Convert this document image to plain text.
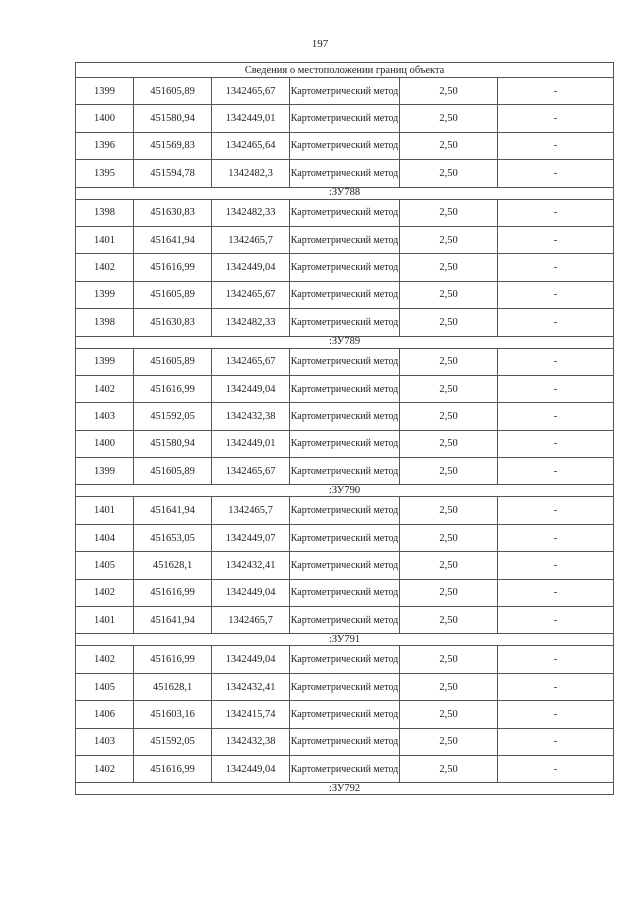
197
Сведения о местоположении границ объекта					
1399	451605,89	1342465,67	Картометрический метод	2,50	-
1400	451580,94	1342449,01	Картометрический метод	2,50	-
1396	451569,83	1342465,64	Картометрический метод	2,50	-
1395	451594,78	1342482,3	Картометрический метод	2,50	-
:ЗУ788					
1398	451630,83	1342482,33	Картометрический метод	2,50	-
1401	451641,94	1342465,7	Картометрический метод	2,50	-
1402	451616,99	1342449,04	Картометрический метод	2,50	-
1399	451605,89	1342465,67	Картометрический метод	2,50	-
1398	451630,83	1342482,33	Картометрический метод	2,50	-
:ЗУ789					
1399	451605,89	1342465,67	Картометрический метод	2,50	-
1402	451616,99	1342449,04	Картометрический метод	2,50	-
1403	451592,05	1342432,38	Картометрический метод	2,50	-
1400	451580,94	1342449,01	Картометрический метод	2,50	-
1399	451605,89	1342465,67	Картометрический метод	2,50	-
:ЗУ790					
1401	451641,94	1342465,7	Картометрический метод	2,50	-
1404	451653,05	1342449,07	Картометрический метод	2,50	-
1405	451628,1	1342432,41	Картометрический метод	2,50	-
1402	451616,99	1342449,04	Картометрический метод	2,50	-
1401	451641,94	1342465,7	Картометрический метод	2,50	-
:ЗУ791					
1402	451616,99	1342449,04	Картометрический метод	2,50	-
1405	451628,1	1342432,41	Картометрический метод	2,50	-
1406	451603,16	1342415,74	Картометрический метод	2,50	-
1403	451592,05	1342432,38	Картометрический метод	2,50	-
1402	451616,99	1342449,04	Картометрический метод	2,50	-
:ЗУ792					
